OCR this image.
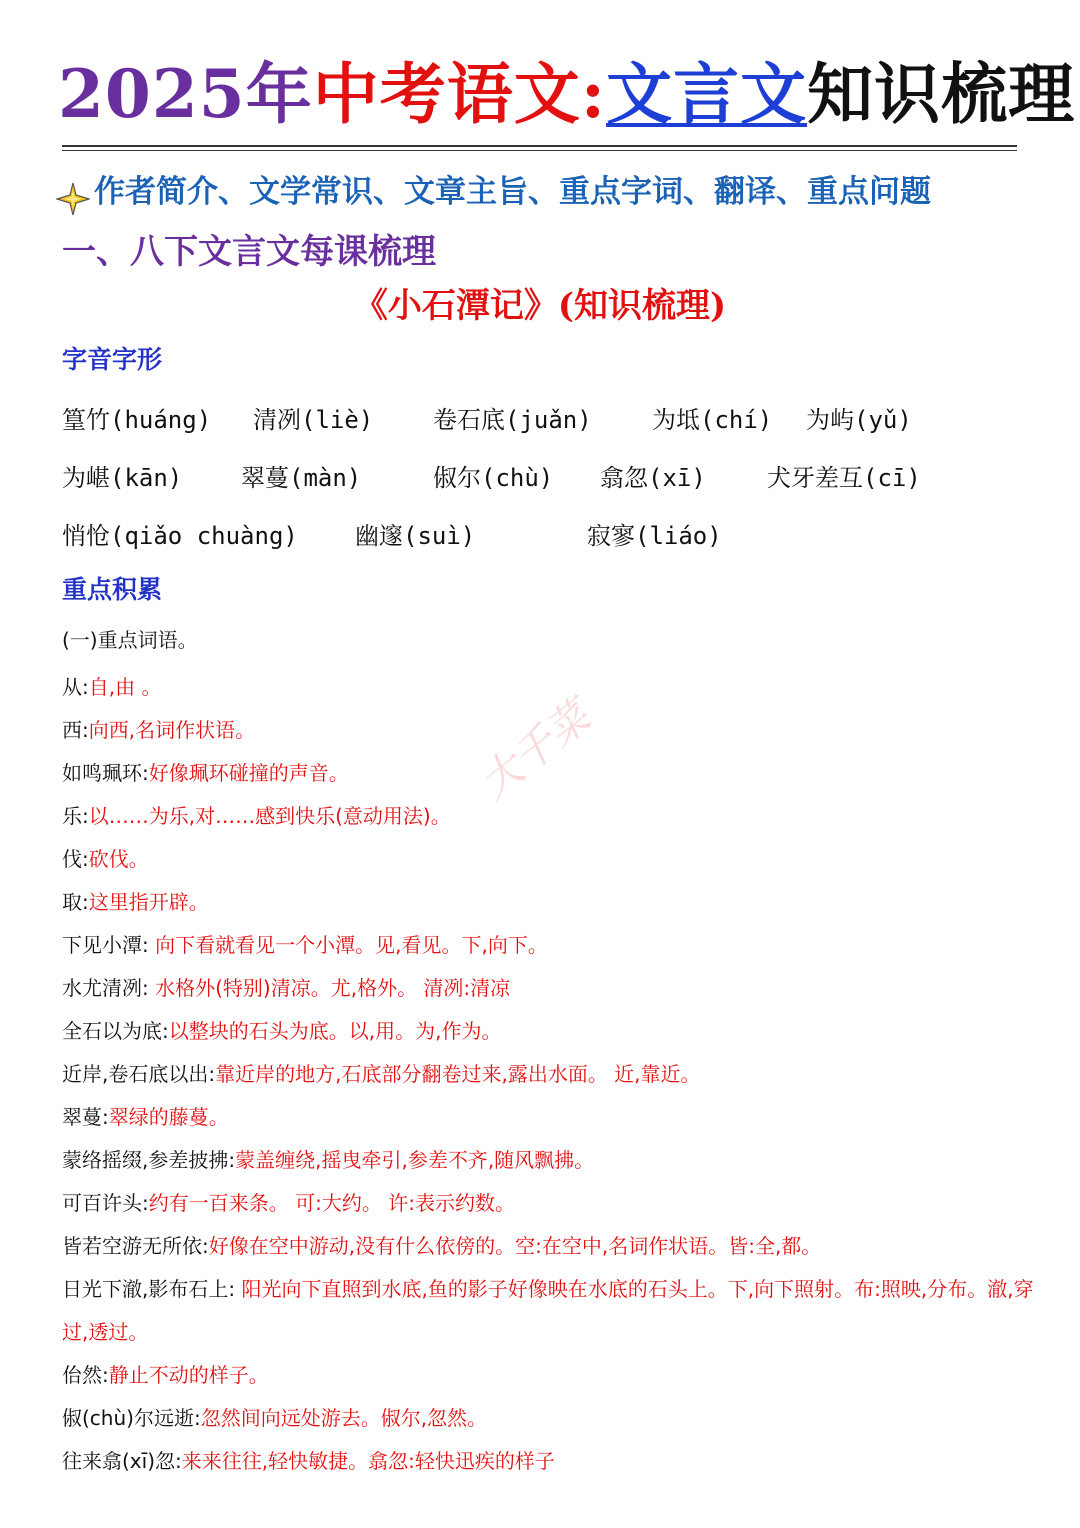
2025年中考语文:文言文知识梳理
作者简介、文学常识、文章主旨、重点字词、翻译、重点问题
一、八下文言文每课梳理
《小石潭记》(知识梳理)
字音字形
篁竹(huáng) 清冽(liè) 卷石底(juǎn)	为坻(chí) 为屿(yǔ)
为嵁(kān) 翠蔓(màn)	俶尔(chù) 翕忽(xī)	犬牙差互(cī)
悄怆(qiǎo chuàng) 幽邃(suì)	寂寥(liáo)
重点积累
(一)重点词语。
大千菜

从:自,由 。

西:向西,名词作状语。

如鸣珮环:好像珮环碰撞的声音。

乐:以……为乐,对……感到快乐(意动用法)。

伐:砍伐。

取:这里指开辟。

下见小潭: 向下看就看见一个小潭。见,看见。下,向下。

水尤清冽: 水格外(特别)清凉。尤,格外。 清冽:清凉

全石以为底:以整块的石头为底。以,用。为,作为。

近岸,卷石底以出:靠近岸的地方,石底部分翻卷过来,露出水面。 近,靠近。

翠蔓:翠绿的藤蔓。

蒙络摇缀,参差披拂:蒙盖缠绕,摇曳牵引,参差不齐,随风飘拂。

可百许头:约有一百来条。 可:大约。 许:表示约数。

皆若空游无所依:好像在空中游动,没有什么依傍的。空:在空中,名词作状语。皆:全,都。

日光下澈,影布石上: 阳光向下直照到水底,鱼的影子好像映在水底的石头上。下,向下照射。布:照映,分布。澈,穿过,透过。

佁然:静止不动的样子。

俶(chù)尔远逝:忽然间向远处游去。俶尔,忽然。

往来翕(xī)忽:来来往往,轻快敏捷。翕忽:轻快迅疾的样子
